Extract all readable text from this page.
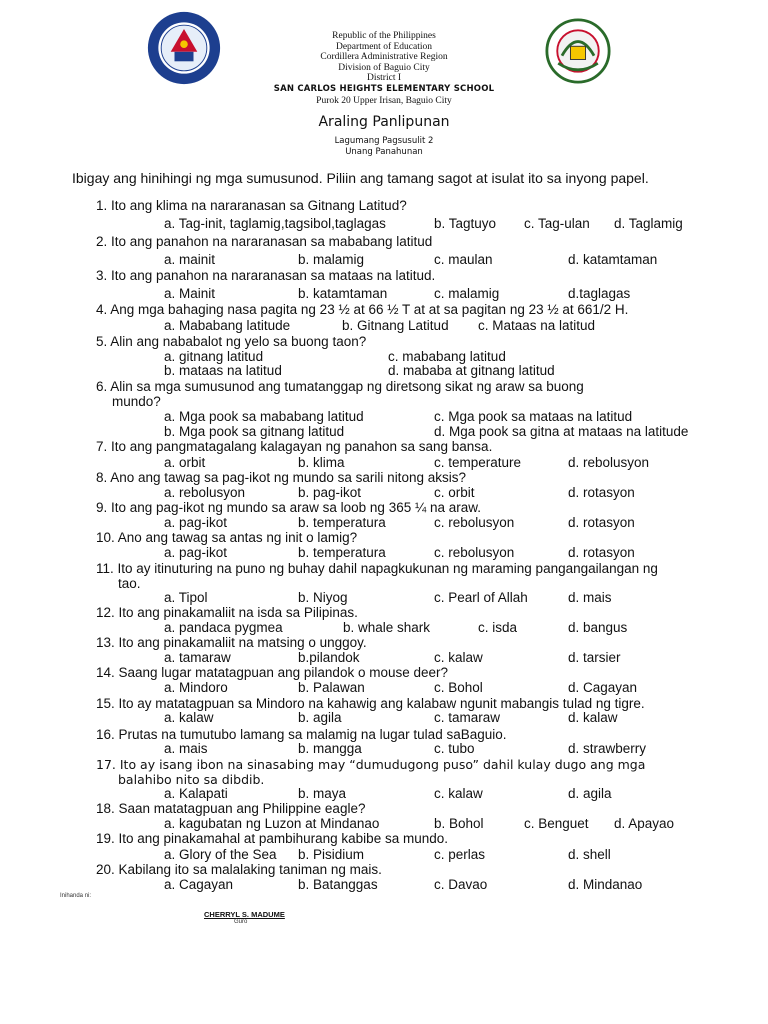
Republic of the Philippines
Department of Education
Cordillera Administrative Region
Division of Baguio City
District I
SAN CARLOS HEIGHTS ELEMENTARY SCHOOL
Purok 20 Upper Irisan, Baguio City
Araling Panlipunan
Lagumang Pagsusulit 2
Unang Panahunan
Ibigay ang hinihingi ng mga sumusunod. Piliin ang tamang sagot at isulat ito sa inyong papel.
1. Ito ang klima na nararanasan sa Gitnang Latitud?
a. Tag-init, taglamig,tagsibol,taglagas	b. Tagtuyo c. Tag-ulan d. Taglamig
2. Ito ang panahon na nararanasan sa mababang latitud
a. mainit	b. malamig	c. maulan	d. katamtaman
3. Ito ang panahon na nararanasan sa mataas na latitud.
a. Mainit	b. katamtaman	c. malamig	d.taglagas
4. Ang mga bahaging nasa pagita ng 23 ½ at 66 ½ T at at sa pagitan ng 23 ½ at 661/2 H.
a. Mababang latitude	b. Gitnang Latitud c. Mataas na latitud
5. Alin ang nababalot ng yelo sa buong taon?
a. gitnang latitud	c. mababang latitud
b. mataas na latitud	d. mababa at gitnang latitud
6. Alin sa mga sumusunod ang tumatanggap ng diretsong sikat ng araw sa buong
mundo?
a. Mga pook sa mababang latitud	c. Mga pook sa mataas na latitud
b. Mga pook sa gitnang latitud	d. Mga pook sa gitna at mataas na latitude
7. Ito ang pangmatagalang kalagayan ng panahon sa sang bansa.
a. orbit	b. klima	c. temperature	d. rebolusyon
8. Ano ang tawag sa pag-ikot ng mundo sa sarili nitong aksis?
a. rebolusyon	b. pag-ikot	c. orbit	d. rotasyon
9. Ito ang pag-ikot ng mundo sa araw sa loob ng 365 ¼ na araw.
a. pag-ikot	b. temperatura	c. rebolusyon	d. rotasyon
10. Ano ang tawag sa antas ng init o lamig?
a. pag-ikot	b. temperatura	c. rebolusyon	d. rotasyon
11. Ito ay itinuturing na puno ng buhay dahil napagkukunan ng maraming pangangailangan ng
tao.
a. Tipol	b. Niyog	c. Pearl of Allah	d. mais
12. Ito ang pinakamaliit na isda sa Pilipinas.
a. pandaca pygmea	b. whale shark	c. isda	d. bangus
13. Ito ang pinakamaliit na matsing o unggoy.
a. tamaraw	b.pilandok	c. kalaw	d. tarsier
14. Saang lugar matatagpuan ang pilandok o mouse deer?
a. Mindoro	b. Palawan	c. Bohol	d. Cagayan
15. Ito ay matatagpuan sa Mindoro na kahawig ang kalabaw ngunit mabangis tulad ng tigre.
a. kalaw	b. agila	c. tamaraw	d. kalaw
16. Prutas na tumutubo lamang sa malamig na lugar tulad saBaguio.
a. mais	b. mangga	c. tubo	d. strawberry
17. Ito ay isang ibon na sinasabing may “dumudugong puso” dahil kulay dugo ang mga
balahibo nito sa dibdib.
a. Kalapati	b. maya	c. kalaw	d. agila
18. Saan matatagpuan ang Philippine eagle?
a. kagubatan ng Luzon at Mindanao	b. Bohol	c. Benguet d. Apayao
19. Ito ang pinakamahal at pambihurang kabibe sa mundo.
a. Glory of the Sea b. Pisidium	c. perlas	d. shell
20. Kabilang ito sa malalaking taniman ng mais.
a. Cagayan	b. Batanggas	c. Davao	d. Mindanao
Inihanda ni:
CHERRYL S. MADUME
Guro
